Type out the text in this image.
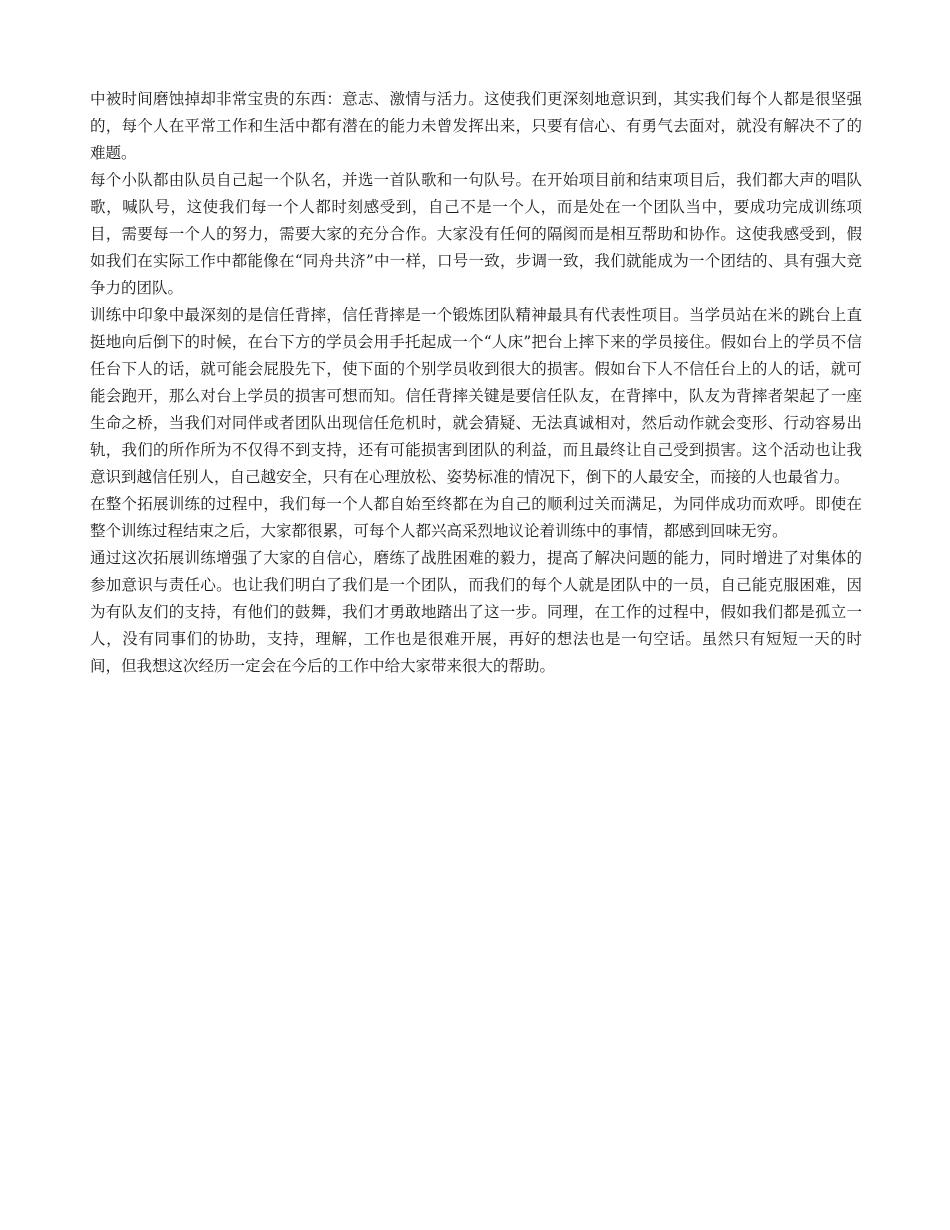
中被时间磨蚀掉却非常宝贵的东西：意志、激情与活力。这使我们更深刻地意识到，其实我们每个人都是很坚强的，每个人在平常工作和生活中都有潜在的能力未曾发挥出来，只要有信心、有勇气去面对，就没有解决不了的难题。

每个小队都由队员自己起一个队名，并选一首队歌和一句队号。在开始项目前和结束项目后，我们都大声的唱队歌，喊队号，这使我们每一个人都时刻感受到，自己不是一个人，而是处在一个团队当中，要成功完成训练项目，需要每一个人的努力，需要大家的充分合作。大家没有任何的隔阂而是相互帮助和协作。这使我感受到，假如我们在实际工作中都能像在“同舟共济”中一样，口号一致，步调一致，我们就能成为一个团结的、具有强大竞争力的团队。

训练中印象中最深刻的是信任背摔，信任背摔是一个锻炼团队精神最具有代表性项目。当学员站在米的跳台上直挺地向后倒下的时候，在台下方的学员会用手托起成一个“人床”把台上摔下来的学员接住。假如台上的学员不信任台下人的话，就可能会屁股先下，使下面的个别学员收到很大的损害。假如台下人不信任台上的人的话，就可能会跑开，那么对台上学员的损害可想而知。信任背摔关键是要信任队友，在背摔中，队友为背摔者架起了一座生命之桥，当我们对同伴或者团队出现信任危机时，就会猜疑、无法真诚相对，然后动作就会变形、行动容易出轨，我们的所作所为不仅得不到支持，还有可能损害到团队的利益，而且最终让自己受到损害。这个活动也让我意识到越信任别人，自己越安全，只有在心理放松、姿势标准的情况下，倒下的人最安全，而接的人也最省力。

在整个拓展训练的过程中，我们每一个人都自始至终都在为自己的顺利过关而满足，为同伴成功而欢呼。即使在整个训练过程结束之后，大家都很累，可每个人都兴高采烈地议论着训练中的事情，都感到回味无穷。

通过这次拓展训练增强了大家的自信心，磨练了战胜困难的毅力，提高了解决问题的能力，同时增进了对集体的参加意识与责任心。也让我们明白了我们是一个团队，而我们的每个人就是团队中的一员，自己能克服困难，因为有队友们的支持，有他们的鼓舞，我们才勇敢地踏出了这一步。同理，在工作的过程中，假如我们都是孤立一人，没有同事们的协助，支持，理解，工作也是很难开展，再好的想法也是一句空话。虽然只有短短一天的时间，但我想这次经历一定会在今后的工作中给大家带来很大的帮助。
